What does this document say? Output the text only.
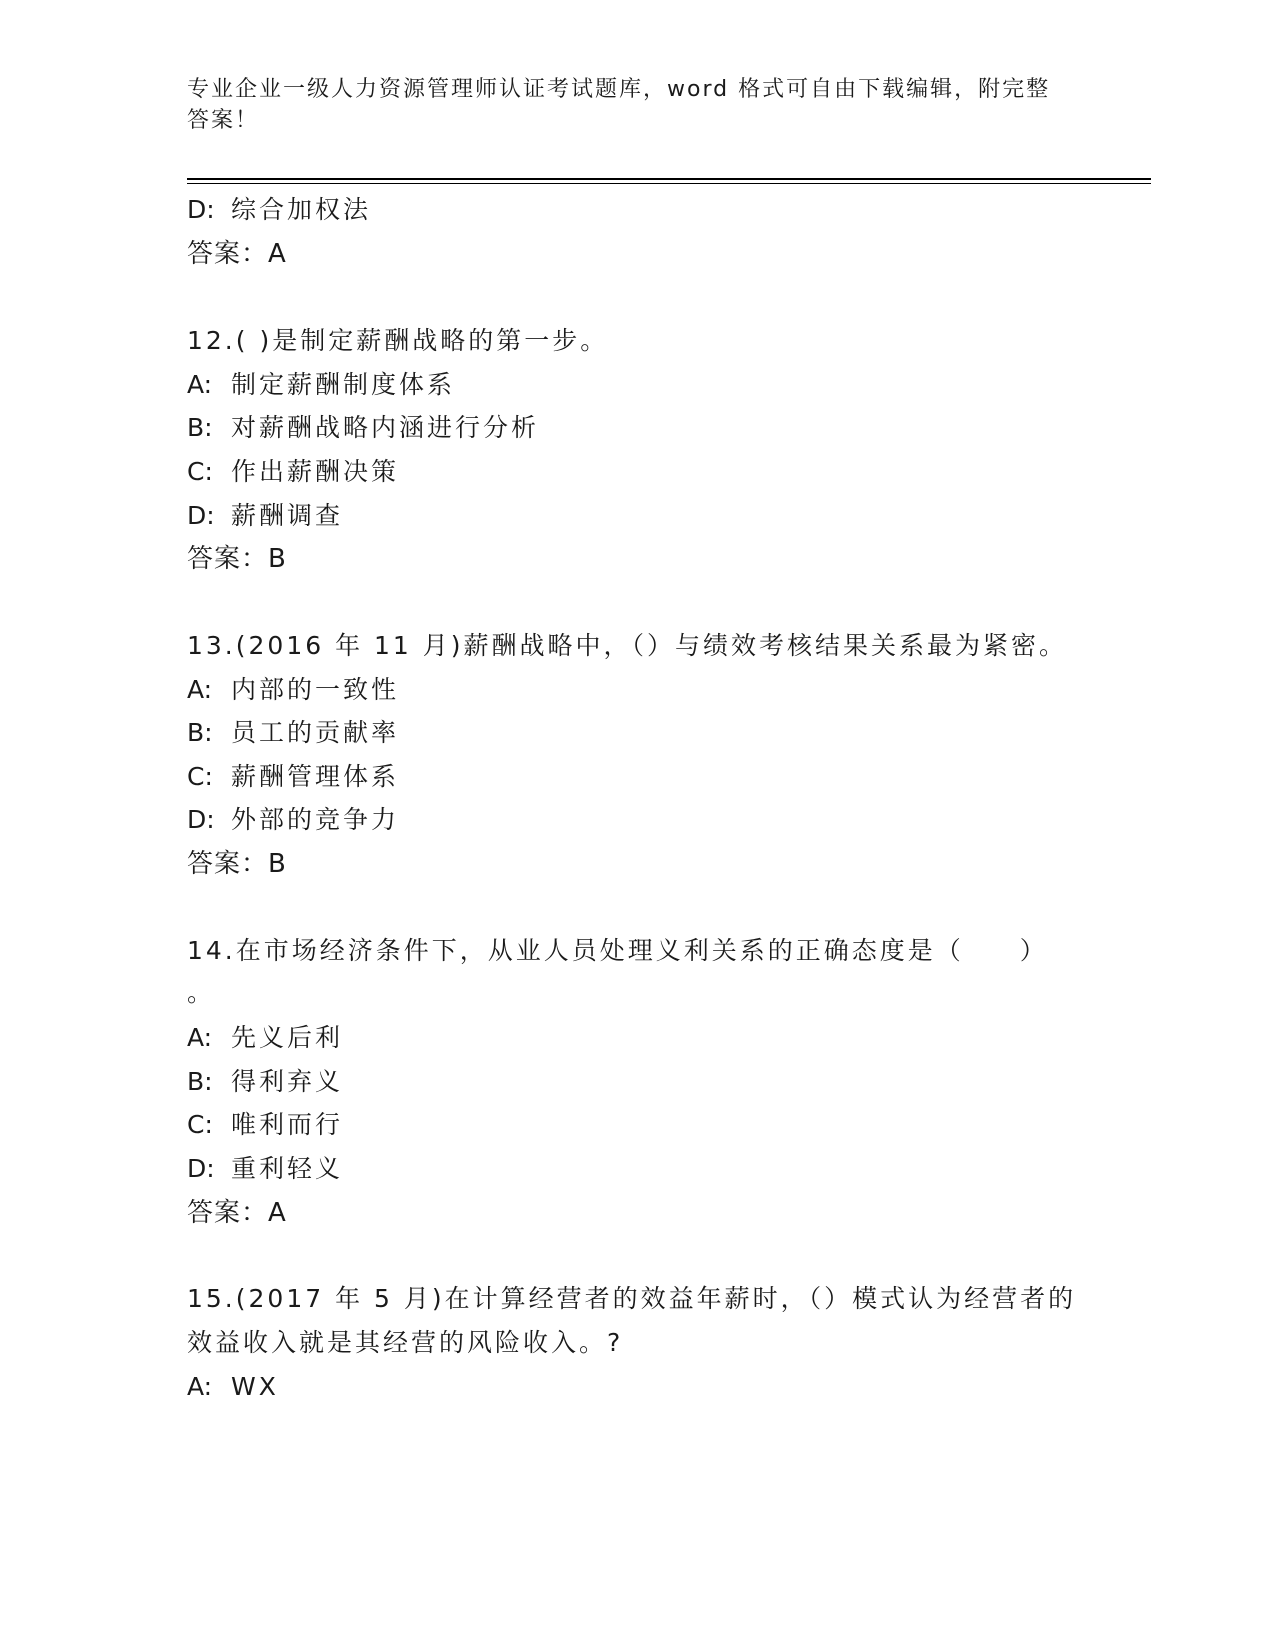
专业企业一级人力资源管理师认证考试题库，word 格式可自由下载编辑，附完整
答案！
D: 综合加权法
答案：A
12.( )是制定薪酬战略的第一步。
A: 制定薪酬制度体系
B: 对薪酬战略内涵进行分析
C: 作出薪酬决策
D: 薪酬调查
答案：B
13.(2016 年 11 月)薪酬战略中，（）与绩效考核结果关系最为紧密。
A: 内部的一致性
B: 员工的贡献率
C: 薪酬管理体系
D: 外部的竞争力
答案：B
14.在市场经济条件下，从业人员处理义利关系的正确态度是（　　）
。
A: 先义后利
B: 得利弃义
C: 唯利而行
D: 重利轻义
答案：A
15.(2017 年 5 月)在计算经营者的效益年薪时，（）模式认为经营者的
效益收入就是其经营的风险收入。?
A: WX
